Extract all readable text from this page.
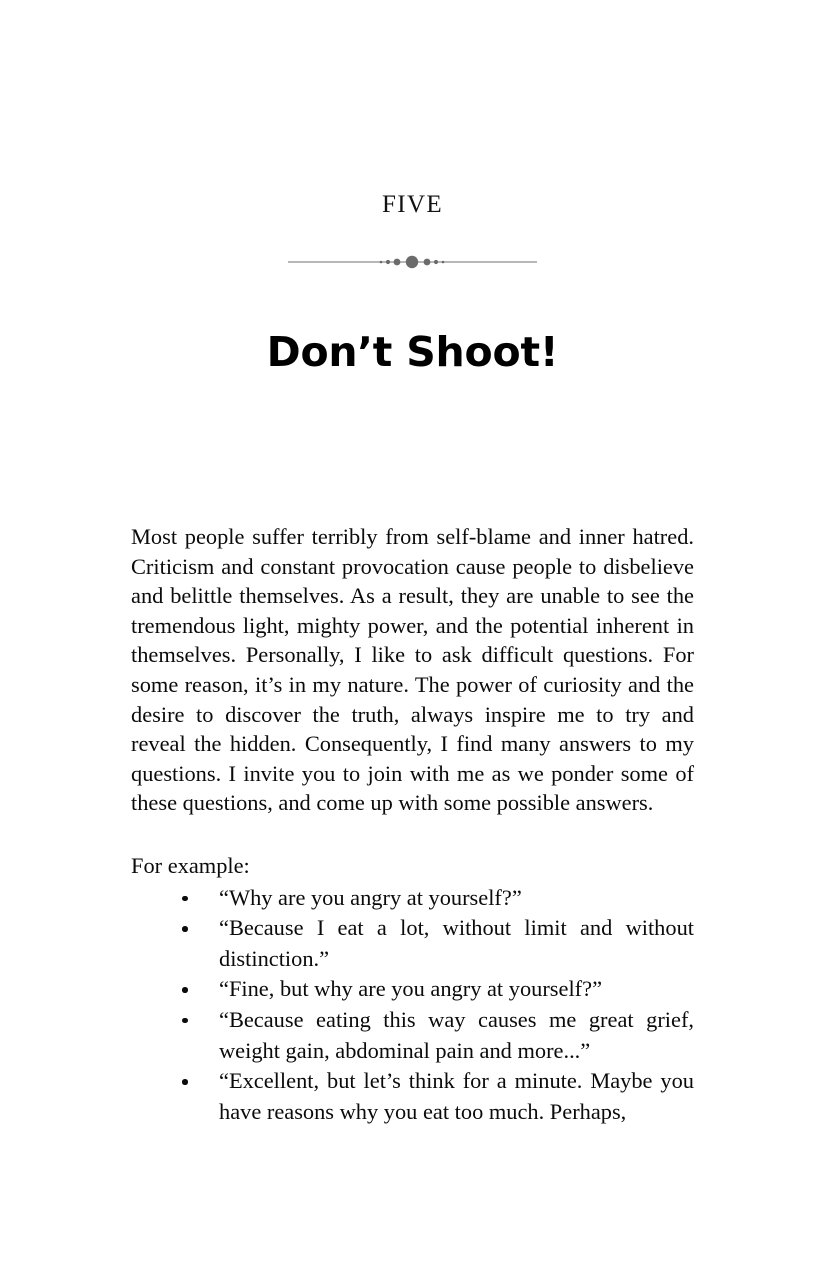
FIVE
Don’t Shoot!

Most people suffer terribly from self-blame and inner hatred. Criticism and constant provocation cause people to disbelieve and belittle themselves. As a result, they are unable to see the tremendous light, mighty power, and the potential inherent in themselves. Personally, I like to ask difficult questions. For some reason, it’s in my nature. The power of curiosity and the desire to discover the truth, always inspire me to try and reveal the hidden. Consequently, I find many answers to my questions. I invite you to join with me as we ponder some of these questions, and come up with some possible answers.

For example:

“Why are you angry at yourself?”
“Because I eat a lot, without limit and without distinction.”
“Fine, but why are you angry at yourself?”
“Because eating this way causes me great grief, weight gain, abdominal pain and more...”
“Excellent, but let’s think for a minute. Maybe you have reasons why you eat too much. Perhaps,
